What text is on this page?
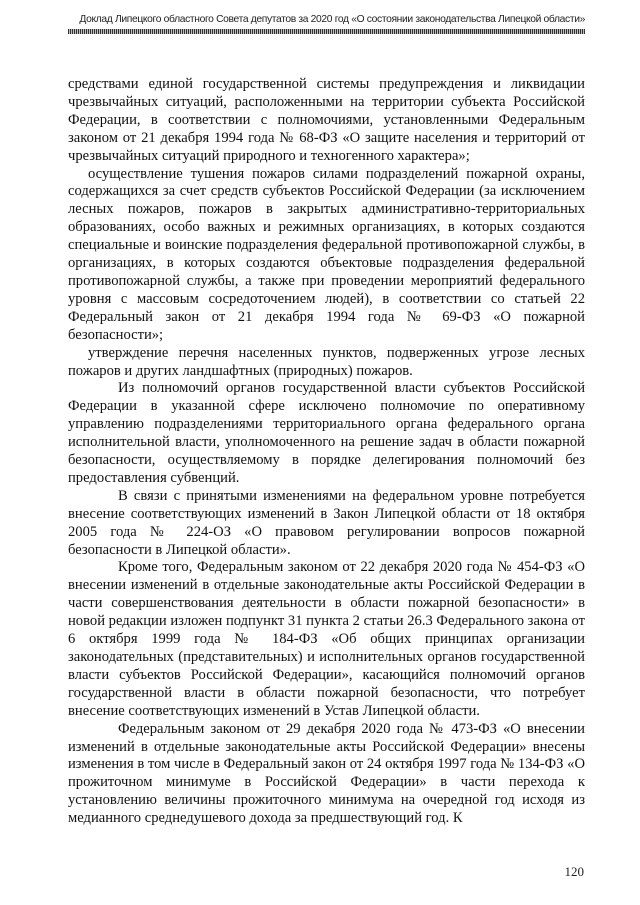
Доклад Липецкого областного Совета депутатов за 2020 год «О состоянии законодательства Липецкой области»

средствами единой государственной системы предупреждения и ликвидации чрезвычайных ситуаций, расположенными на территории субъекта Российской Федерации, в соответствии с полномочиями, установленными Федеральным законом от 21 декабря 1994 года № 68-ФЗ «О защите населения и территорий от чрезвычайных ситуаций природного и техногенного характера»;

осуществление тушения пожаров силами подразделений пожарной охраны, содержащихся за счет средств субъектов Российской Федерации (за исключением лесных пожаров, пожаров в закрытых административно-территориальных образованиях, особо важных и режимных организациях, в которых создаются специальные и воинские подразделения федеральной противопожарной службы, в организациях, в которых создаются объектовые подразделения федеральной противопожарной службы, а также при проведении мероприятий федерального уровня с массовым сосредоточением людей), в соответствии со статьей 22 Федеральный закон от 21 декабря 1994 года № 69-ФЗ «О пожарной безопасности»;

утверждение перечня населенных пунктов, подверженных угрозе лесных пожаров и других ландшафтных (природных) пожаров.

Из полномочий органов государственной власти субъектов Российской Федерации в указанной сфере исключено полномочие по оперативному управлению подразделениями территориального органа федерального органа исполнительной власти, уполномоченного на решение задач в области пожарной безопасности, осуществляемому в порядке делегирования полномочий без предоставления субвенций.

В связи с принятыми изменениями на федеральном уровне потребуется внесение соответствующих изменений в Закон Липецкой области от 18 октября 2005 года № 224-ОЗ «О правовом регулировании вопросов пожарной безопасности в Липецкой области».

Кроме того, Федеральным законом от 22 декабря 2020 года № 454-ФЗ «О внесении изменений в отдельные законодательные акты Российской Федерации в части совершенствования деятельности в области пожарной безопасности» в новой редакции изложен подпункт 31 пункта 2 статьи 26.3 Федерального закона от 6 октября 1999 года № 184-ФЗ «Об общих принципах организации законодательных (представительных) и исполнительных органов государственной власти субъектов Российской Федерации», касающийся полномочий органов государственной власти в области пожарной безопасности, что потребует внесение соответствующих изменений в Устав Липецкой области.

Федеральным законом от 29 декабря 2020 года № 473-ФЗ «О внесении изменений в отдельные законодательные акты Российской Федерации» внесены изменения в том числе в Федеральный закон от 24 октября 1997 года № 134-ФЗ «О прожиточном минимуме в Российской Федерации» в части перехода к установлению величины прожиточного минимума на очередной год исходя из медианного среднедушевого дохода за предшествующий год. К

120
